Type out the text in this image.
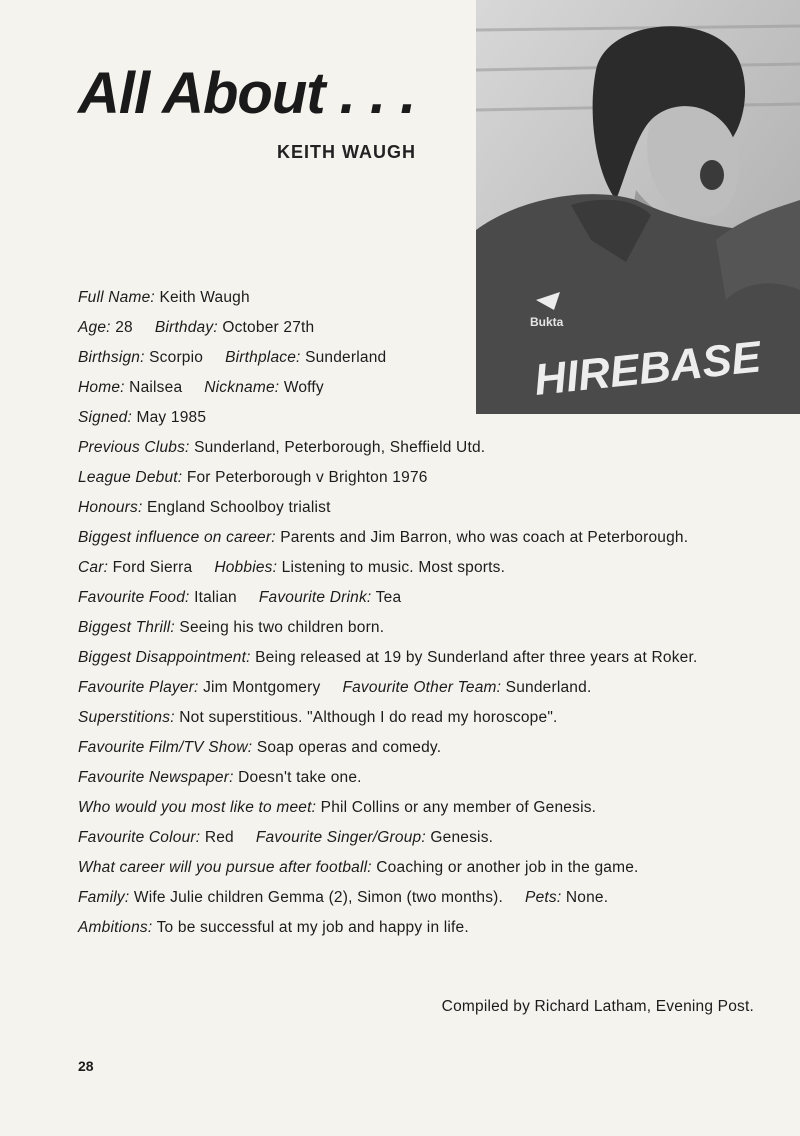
All About . . .
KEITH WAUGH
Bukta
HIREBASE
Full Name: Keith Waugh
Age: 28 Birthday: October 27th
Birthsign: Scorpio Birthplace: Sunderland
Home: Nailsea Nickname: Woffy
Signed: May 1985
Previous Clubs: Sunderland, Peterborough, Sheffield Utd.
League Debut: For Peterborough v Brighton 1976
Honours: England Schoolboy trialist
Biggest influence on career: Parents and Jim Barron, who was coach at Peterborough.
Car: Ford Sierra Hobbies: Listening to music. Most sports.
Favourite Food: Italian Favourite Drink: Tea
Biggest Thrill: Seeing his two children born.
Biggest Disappointment: Being released at 19 by Sunderland after three years at Roker.
Favourite Player: Jim Montgomery Favourite Other Team: Sunderland.
Superstitions: Not superstitious. "Although I do read my horoscope".
Favourite Film/TV Show: Soap operas and comedy.
Favourite Newspaper: Doesn't take one.
Who would you most like to meet: Phil Collins or any member of Genesis.
Favourite Colour: Red Favourite Singer/Group: Genesis.
What career will you pursue after football: Coaching or another job in the game.
Family: Wife Julie children Gemma (2), Simon (two months). Pets: None.
Ambitions: To be successful at my job and happy in life.
Compiled by Richard Latham, Evening Post.
28
